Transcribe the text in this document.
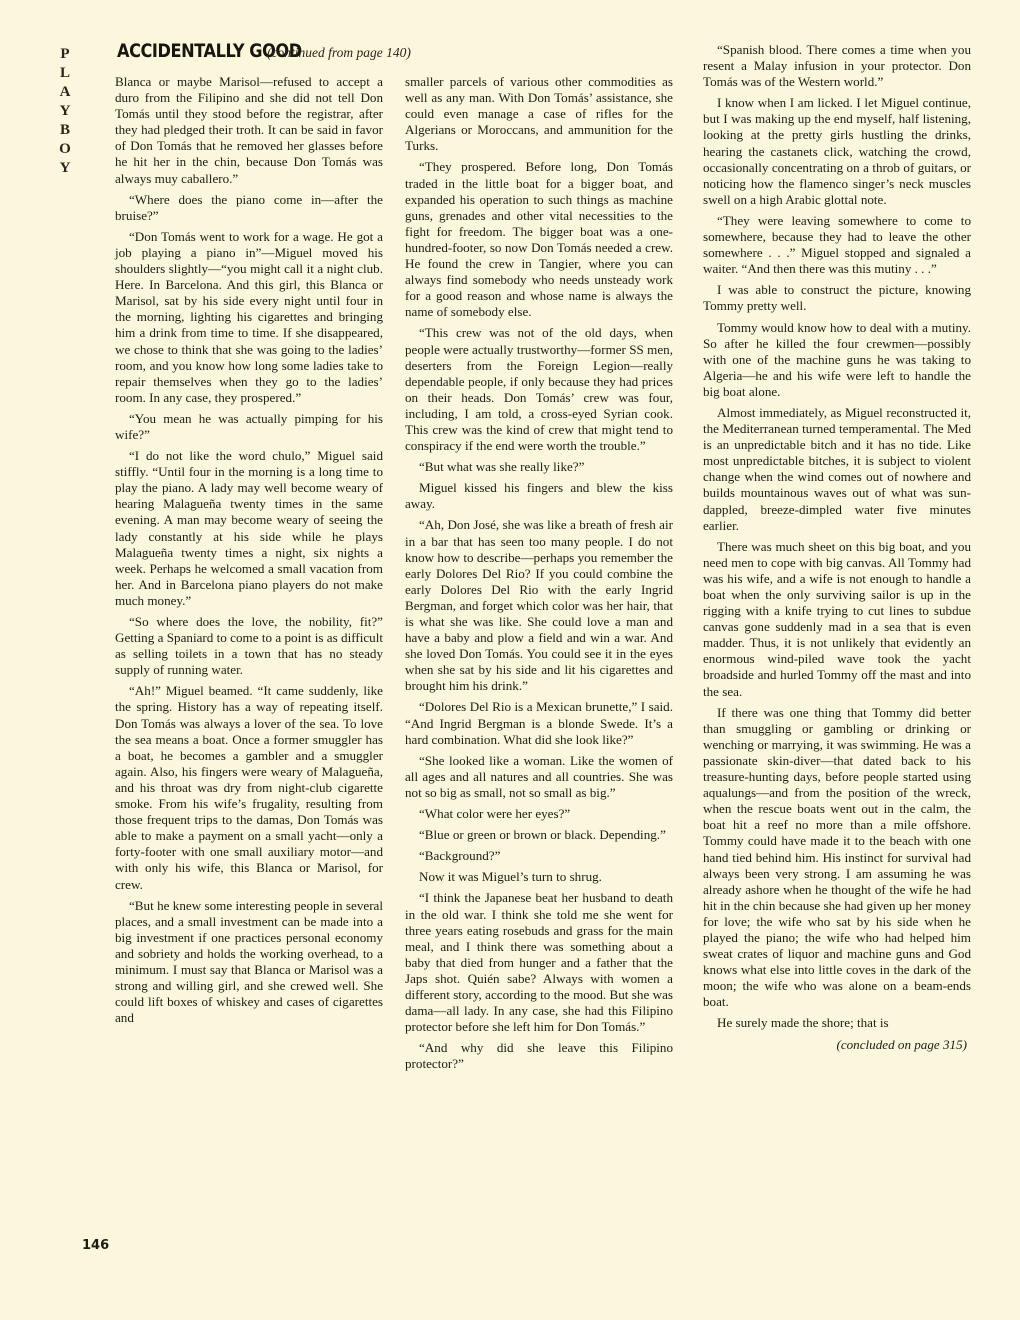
P
L
A
Y
B
O
Y
ACCIDENTALLY GOOD
(continued from page 140)

Blanca or maybe Marisol—refused to accept a duro from the Filipino and she did not tell Don Tomás until they stood before the registrar, after they had pledged their troth. It can be said in favor of Don Tomás that he removed her glasses before he hit her in the chin, because Don Tomás was always muy caballero.”

“Where does the piano come in—after the bruise?”

“Don Tomás went to work for a wage. He got a job playing a piano in”—Miguel moved his shoulders slightly—“you might call it a night club. Here. In Barcelona. And this girl, this Blanca or Marisol, sat by his side every night until four in the morning, lighting his cigarettes and bringing him a drink from time to time. If she disappeared, we chose to think that she was going to the ladies’ room, and you know how long some ladies take to repair themselves when they go to the ladies’ room. In any case, they prospered.”

“You mean he was actually pimping for his wife?”

“I do not like the word chulo,” Miguel said stiffly. “Until four in the morning is a long time to play the piano. A lady may well become weary of hearing Malagueña twenty times in the same evening. A man may become weary of seeing the lady constantly at his side while he plays Malagueña twenty times a night, six nights a week. Perhaps he welcomed a small vacation from her. And in Barcelona piano players do not make much money.”

“So where does the love, the nobility, fit?” Getting a Spaniard to come to a point is as difficult as selling toilets in a town that has no steady supply of running water.

“Ah!” Miguel beamed. “It came suddenly, like the spring. History has a way of repeating itself. Don Tomás was always a lover of the sea. To love the sea means a boat. Once a former smuggler has a boat, he becomes a gambler and a smuggler again. Also, his fingers were weary of Malagueña, and his throat was dry from night-club cigarette smoke. From his wife’s frugality, resulting from those frequent trips to the damas, Don Tomás was able to make a payment on a small yacht—only a forty-footer with one small auxiliary motor—and with only his wife, this Blanca or Marisol, for crew.

“But he knew some interesting people in several places, and a small investment can be made into a big investment if one practices personal economy and sobriety and holds the working overhead, to a minimum. I must say that Blanca or Marisol was a strong and willing girl, and she crewed well. She could lift boxes of whiskey and cases of cigarettes and

smaller parcels of various other commodities as well as any man. With Don Tomás’ assistance, she could even manage a case of rifles for the Algerians or Moroccans, and ammunition for the Turks.

“They prospered. Before long, Don Tomás traded in the little boat for a bigger boat, and expanded his operation to such things as machine guns, grenades and other vital necessities to the fight for freedom. The bigger boat was a one-hundred-footer, so now Don Tomás needed a crew. He found the crew in Tangier, where you can always find somebody who needs unsteady work for a good reason and whose name is always the name of somebody else.

“This crew was not of the old days, when people were actually trustworthy—former SS men, deserters from the Foreign Legion—really dependable people, if only because they had prices on their heads. Don Tomás’ crew was four, including, I am told, a cross-eyed Syrian cook. This crew was the kind of crew that might tend to conspiracy if the end were worth the trouble.”

“But what was she really like?”

Miguel kissed his fingers and blew the kiss away.

“Ah, Don José, she was like a breath of fresh air in a bar that has seen too many people. I do not know how to describe—perhaps you remember the early Dolores Del Rio? If you could combine the early Dolores Del Rio with the early Ingrid Bergman, and forget which color was her hair, that is what she was like. She could love a man and have a baby and plow a field and win a war. And she loved Don Tomás. You could see it in the eyes when she sat by his side and lit his cigarettes and brought him his drink.”

“Dolores Del Rio is a Mexican brunette,” I said. “And Ingrid Bergman is a blonde Swede. It’s a hard combination. What did she look like?”

“She looked like a woman. Like the women of all ages and all natures and all countries. She was not so big as small, not so small as big.”

“What color were her eyes?”

“Blue or green or brown or black. Depending.”

“Background?”

Now it was Miguel’s turn to shrug.

“I think the Japanese beat her husband to death in the old war. I think she told me she went for three years eating rosebuds and grass for the main meal, and I think there was something about a baby that died from hunger and a father that the Japs shot. Quién sabe? Always with women a different story, according to the mood. But she was dama—all lady. In any case, she had this Filipino protector before she left him for Don Tomás.”

“And why did she leave this Filipino protector?”

“Spanish blood. There comes a time when you resent a Malay infusion in your protector. Don Tomás was of the Western world.”

I know when I am licked. I let Miguel continue, but I was making up the end myself, half listening, looking at the pretty girls hustling the drinks, hearing the castanets click, watching the crowd, occasionally concentrating on a throb of guitars, or noticing how the flamenco singer’s neck muscles swell on a high Arabic glottal note.

“They were leaving somewhere to come to somewhere, because they had to leave the other somewhere . . .” Miguel stopped and signaled a waiter. “And then there was this mutiny . . .”

I was able to construct the picture, knowing Tommy pretty well.

Tommy would know how to deal with a mutiny. So after he killed the four crewmen—possibly with one of the machine guns he was taking to Algeria—he and his wife were left to handle the big boat alone.

Almost immediately, as Miguel reconstructed it, the Mediterranean turned temperamental. The Med is an unpredictable bitch and it has no tide. Like most unpredictable bitches, it is subject to violent change when the wind comes out of nowhere and builds mountainous waves out of what was sun-dappled, breeze-dimpled water five minutes earlier.

There was much sheet on this big boat, and you need men to cope with big canvas. All Tommy had was his wife, and a wife is not enough to handle a boat when the only surviving sailor is up in the rigging with a knife trying to cut lines to subdue canvas gone suddenly mad in a sea that is even madder. Thus, it is not unlikely that evidently an enormous wind-piled wave took the yacht broadside and hurled Tommy off the mast and into the sea.

If there was one thing that Tommy did better than smuggling or gambling or drinking or wenching or marrying, it was swimming. He was a passionate skin-diver—that dated back to his treasure-hunting days, before people started using aqualungs—and from the position of the wreck, when the rescue boats went out in the calm, the boat hit a reef no more than a mile offshore. Tommy could have made it to the beach with one hand tied behind him. His instinct for survival had always been very strong. I am assuming he was already ashore when he thought of the wife he had hit in the chin because she had given up her money for love; the wife who sat by his side when he played the piano; the wife who had helped him sweat crates of liquor and machine guns and God knows what else into little coves in the dark of the moon; the wife who was alone on a beam-ends boat.

He surely made the shore; that is

(concluded on page 315)

146
